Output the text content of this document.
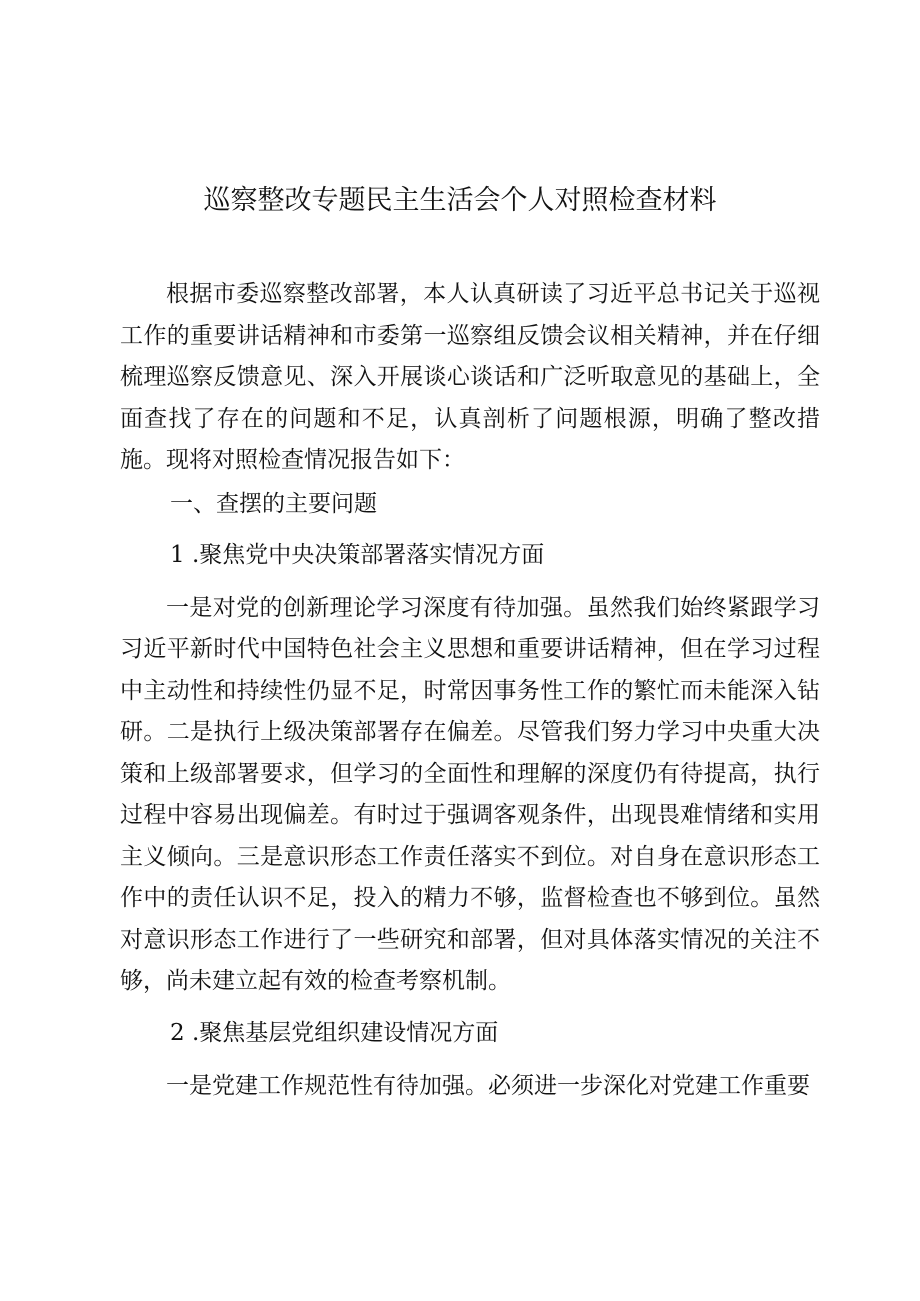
巡察整改专题民主生活会个人对照检查材料

根据市委巡察整改部署，本人认真研读了习近平总书记关于巡视工作的重要讲话精神和市委第一巡察组反馈会议相关精神，并在仔细梳理巡察反馈意见、深入开展谈心谈话和广泛听取意见的基础上，全面查找了存在的问题和不足，认真剖析了问题根源，明确了整改措施。现将对照检查情况报告如下：

一、查摆的主要问题
1 .聚焦党中央决策部署落实情况方面

一是对党的创新理论学习深度有待加强。虽然我们始终紧跟学习习近平新时代中国特色社会主义思想和重要讲话精神，但在学习过程中主动性和持续性仍显不足，时常因事务性工作的繁忙而未能深入钻研。二是执行上级决策部署存在偏差。尽管我们努力学习中央重大决策和上级部署要求，但学习的全面性和理解的深度仍有待提高，执行过程中容易出现偏差。有时过于强调客观条件，出现畏难情绪和实用主义倾向。三是意识形态工作责任落实不到位。对自身在意识形态工作中的责任认识不足，投入的精力不够，监督检查也不够到位。虽然对意识形态工作进行了一些研究和部署，但对具体落实情况的关注不够，尚未建立起有效的检查考察机制。

2 .聚焦基层党组织建设情况方面

一是党建工作规范性有待加强。必须进一步深化对党建工作重要
